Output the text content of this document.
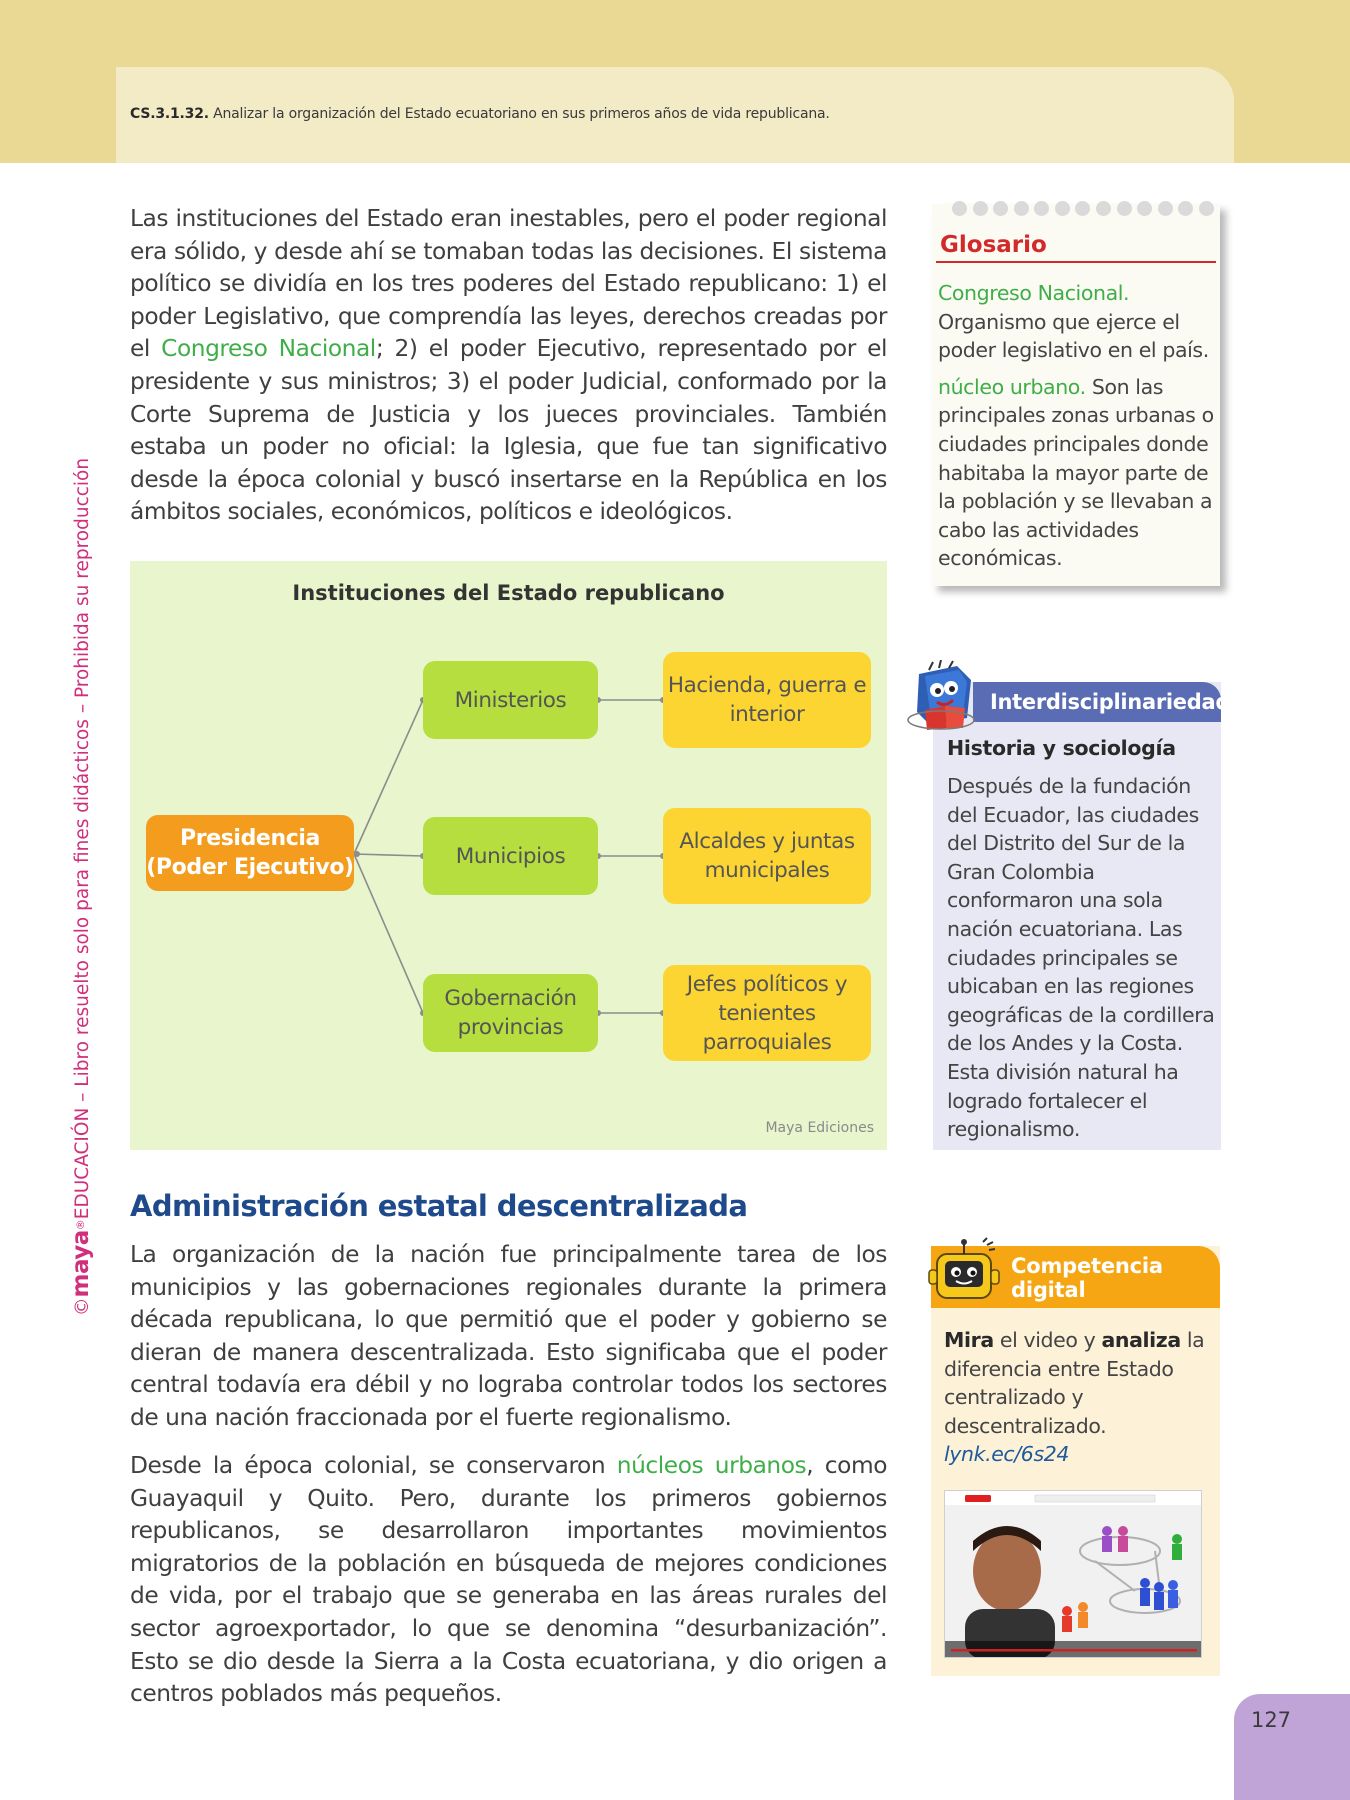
CS.3.1.32. Analizar la organización del Estado ecuatoriano en sus primeros años de vida republicana.
©maya®EDUCACIÓN – Libro resuelto solo para fines didácticos – Prohibida su reproducción

Las instituciones del Estado eran inestables, pero el poder regional era sólido, y desde ahí se tomaban todas las decisiones. El sistema político se dividía en los tres poderes del Estado republicano: 1) el poder Legislativo, que comprendía las leyes, derechos creadas por el Congreso Nacional; 2) el poder Ejecutivo, representado por el presidente y sus ministros; 3) el poder Judicial, conformado por la Corte Suprema de Justicia y los jueces provinciales. También estaba un poder no oficial: la Iglesia, que fue tan significativo desde la época colonial y buscó insertarse en la República en los ámbitos sociales, económicos, políticos e ideológicos.

Instituciones del Estado republicano
Presidencia (Poder Ejecutivo)
Ministerios
Municipios
Gobernación provincias
Hacienda, guerra e interior
Alcaldes y juntas municipales
Jefes políticos y tenientes parroquiales
Maya Ediciones
Administración estatal descentralizada

La organización de la nación fue principalmente tarea de los municipios y las gobernaciones regionales durante la primera década republicana, lo que permitió que el poder y gobierno se dieran de manera descentralizada. Esto significaba que el poder central todavía era débil y no lograba controlar todos los sectores de una nación fraccionada por el fuerte regionalismo.

Desde la época colonial, se conservaron núcleos urbanos, como Guayaquil y Quito. Pero, durante los primeros gobiernos republicanos, se desarrollaron importantes movimientos migratorios de la población en búsqueda de mejores condiciones de vida, por el trabajo que se generaba en las áreas rurales del sector agroexportador, lo que se denomina “desurbanización”. Esto se dio desde la Sierra a la Costa ecuatoriana, y dio origen a centros poblados más pequeños.

Glosario

Congreso Nacional. Organismo que ejerce el poder legislativo en el país.

núcleo urbano. Son las principales zonas urbanas o ciudades principales donde habitaba la mayor parte de la población y se llevaban a cabo las actividades económicas.

Interdisciplinariedad
Historia y sociología
Después de la fundación del Ecuador, las ciudades del Distrito del Sur de la Gran Colombia conformaron una sola nación ecuatoriana. Las ciudades principales se ubicaban en las regiones geográficas de la cordillera de los Andes y la Costa. Esta división natural ha logrado fortalecer el regionalismo.
Competencia digital
Mira el video y analiza la diferencia entre Estado centralizado y descentralizado.
lynk.ec/6s24
127
